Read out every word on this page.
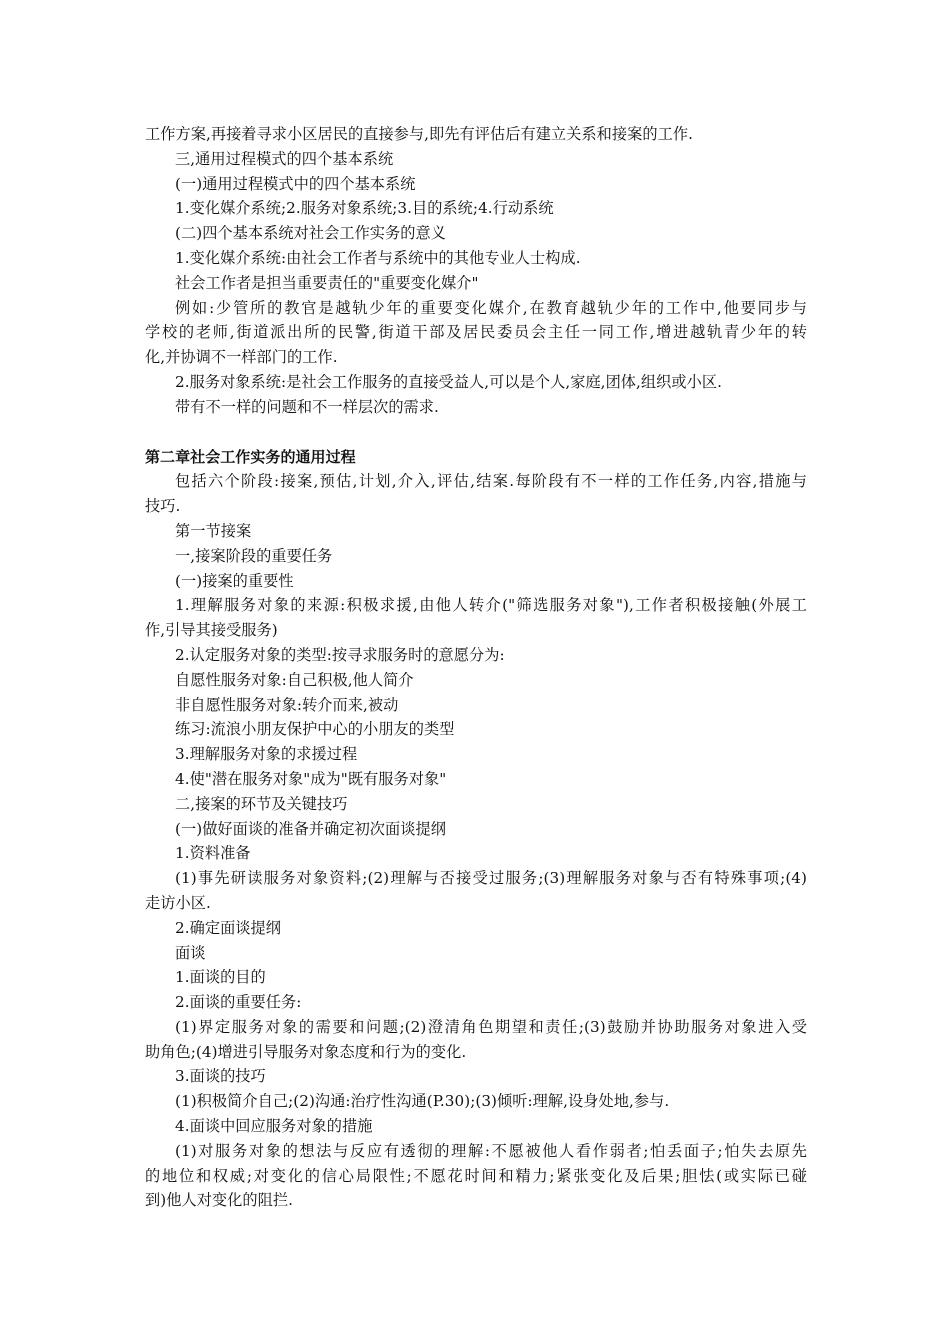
工作方案,再接着寻求小区居民的直接参与,即先有评估后有建立关系和接案的工作.
三,通用过程模式的四个基本系统
(一)通用过程模式中的四个基本系统
1.变化媒介系统;2.服务对象系统;3.目的系统;4.行动系统
(二)四个基本系统对社会工作实务的意义
1.变化媒介系统:由社会工作者与系统中的其他专业人士构成.
社会工作者是担当重要责任的"重要变化媒介"
例如:少管所的教官是越轨少年的重要变化媒介,在教育越轨少年的工作中,他要同步与
学校的老师,街道派出所的民警,街道干部及居民委员会主任一同工作,增进越轨青少年的转
化,并协调不一样部门的工作.
2.服务对象系统:是社会工作服务的直接受益人,可以是个人,家庭,团体,组织或小区.
带有不一样的问题和不一样层次的需求.
第二章社会工作实务的通用过程
包括六个阶段:接案,预估,计划,介入,评估,结案.每阶段有不一样的工作任务,内容,措施与
技巧.
第一节接案
一,接案阶段的重要任务
(一)接案的重要性
1.理解服务对象的来源:积极求援,由他人转介("筛选服务对象"),工作者积极接触(外展工
作,引导其接受服务)
2.认定服务对象的类型:按寻求服务时的意愿分为:
自愿性服务对象:自己积极,他人简介
非自愿性服务对象:转介而来,被动
练习:流浪小朋友保护中心的小朋友的类型
3.理解服务对象的求援过程
4.使"潜在服务对象"成为"既有服务对象"
二,接案的环节及关键技巧
(一)做好面谈的准备并确定初次面谈提纲
1.资料准备
(1)事先研读服务对象资料;(2)理解与否接受过服务;(3)理解服务对象与否有特殊事项;(4)
走访小区.
2.确定面谈提纲
面谈
1.面谈的目的
2.面谈的重要任务:
(1)界定服务对象的需要和问题;(2)澄清角色期望和责任;(3)鼓励并协助服务对象进入受
助角色;(4)增进引导服务对象态度和行为的变化.
3.面谈的技巧
(1)积极简介自己;(2)沟通:治疗性沟通(P.30);(3)倾听:理解,设身处地,参与.
4.面谈中回应服务对象的措施
(1)对服务对象的想法与反应有透彻的理解:不愿被他人看作弱者;怕丢面子;怕失去原先
的地位和权威;对变化的信心局限性;不愿花时间和精力;紧张变化及后果;胆怯(或实际已碰
到)他人对变化的阻拦.
